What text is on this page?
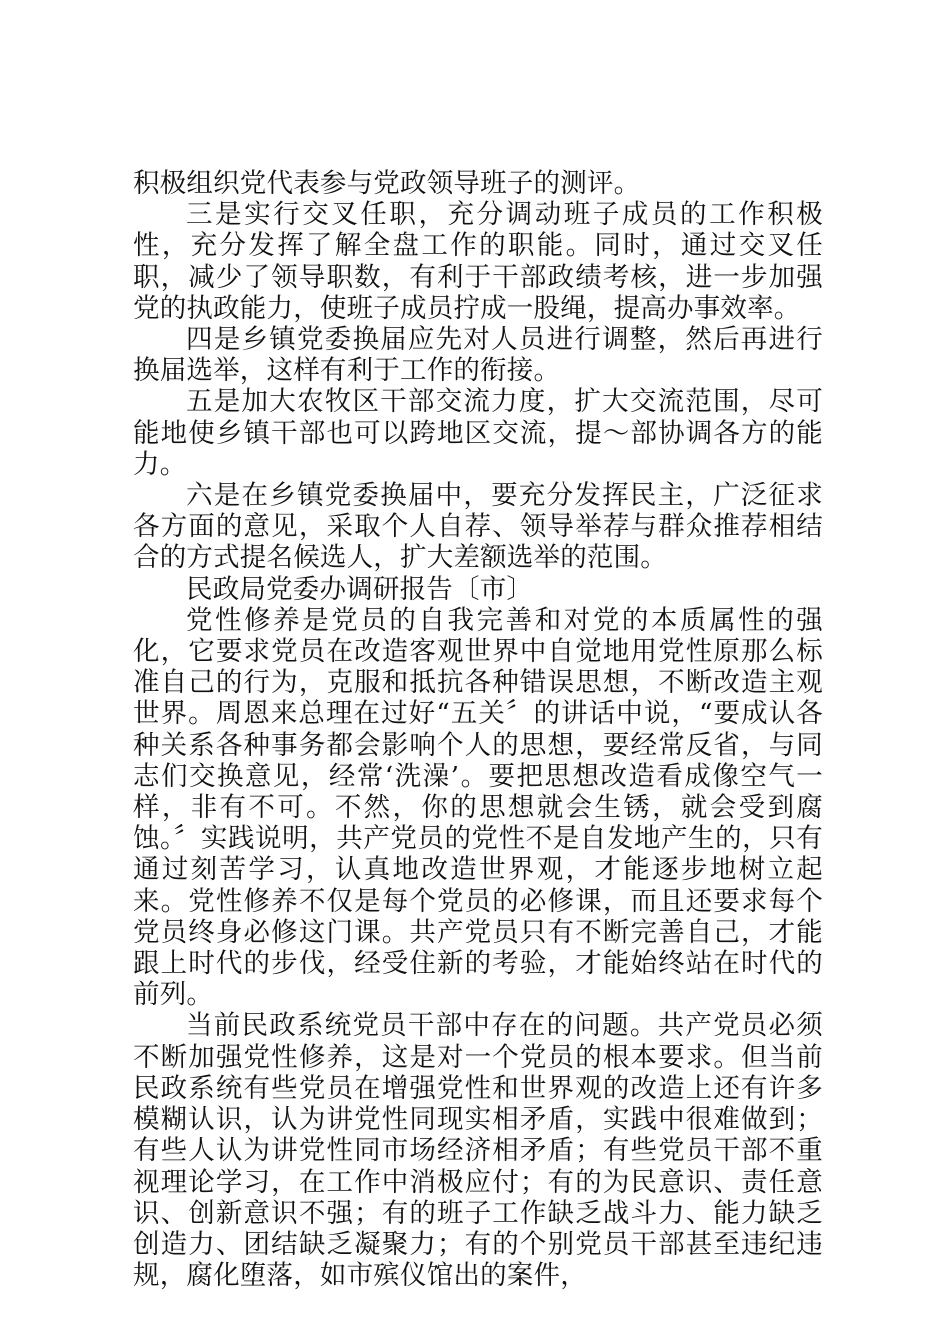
积极组织党代表参与党政领导班子的测评。

三是实行交叉任职，充分调动班子成员的工作积极性，充分发挥了解全盘工作的职能。同时，通过交叉任职，减少了领导职数，有利于干部政绩考核，进一步加强党的执政能力，使班子成员拧成一股绳，提高办事效率。

四是乡镇党委换届应先对人员进行调整，然后再进行换届选举，这样有利于工作的衔接。

五是加大农牧区干部交流力度，扩大交流范围，尽可能地使乡镇干部也可以跨地区交流，提～部协调各方的能力。

六是在乡镇党委换届中，要充分发挥民主，广泛征求各方面的意见，采取个人自荐、领导举荐与群众推荐相结合的方式提名候选人，扩大差额选举的范围。

民政局党委办调研报告〔市〕

党性修养是党员的自我完善和对党的本质属性的强化，它要求党员在改造客观世界中自觉地用党性原那么标准自己的行为，克服和抵抗各种错误思想，不断改造主观世界。周恩来总理在过好“五关〞的讲话中说，“要成认各种关系各种事务都会影响个人的思想，要经常反省，与同志们交换意见，经常‘洗澡’。要把思想改造看成像空气一样，非有不可。不然，你的思想就会生锈，就会受到腐蚀。〞实践说明，共产党员的党性不是自发地产生的，只有通过刻苦学习，认真地改造世界观，才能逐步地树立起来。党性修养不仅是每个党员的必修课，而且还要求每个党员终身必修这门课。共产党员只有不断完善自己，才能跟上时代的步伐，经受住新的考验，才能始终站在时代的前列。

当前民政系统党员干部中存在的问题。共产党员必须不断加强党性修养，这是对一个党员的根本要求。但当前民政系统有些党员在增强党性和世界观的改造上还有许多模糊认识，认为讲党性同现实相矛盾，实践中很难做到；有些人认为讲党性同市场经济相矛盾；有些党员干部不重视理论学习，在工作中消极应付；有的为民意识、责任意识、创新意识不强；有的班子工作缺乏战斗力、能力缺乏创造力、团结缺乏凝聚力；有的个别党员干部甚至违纪违规，腐化堕落，如市殡仪馆出的案件，
